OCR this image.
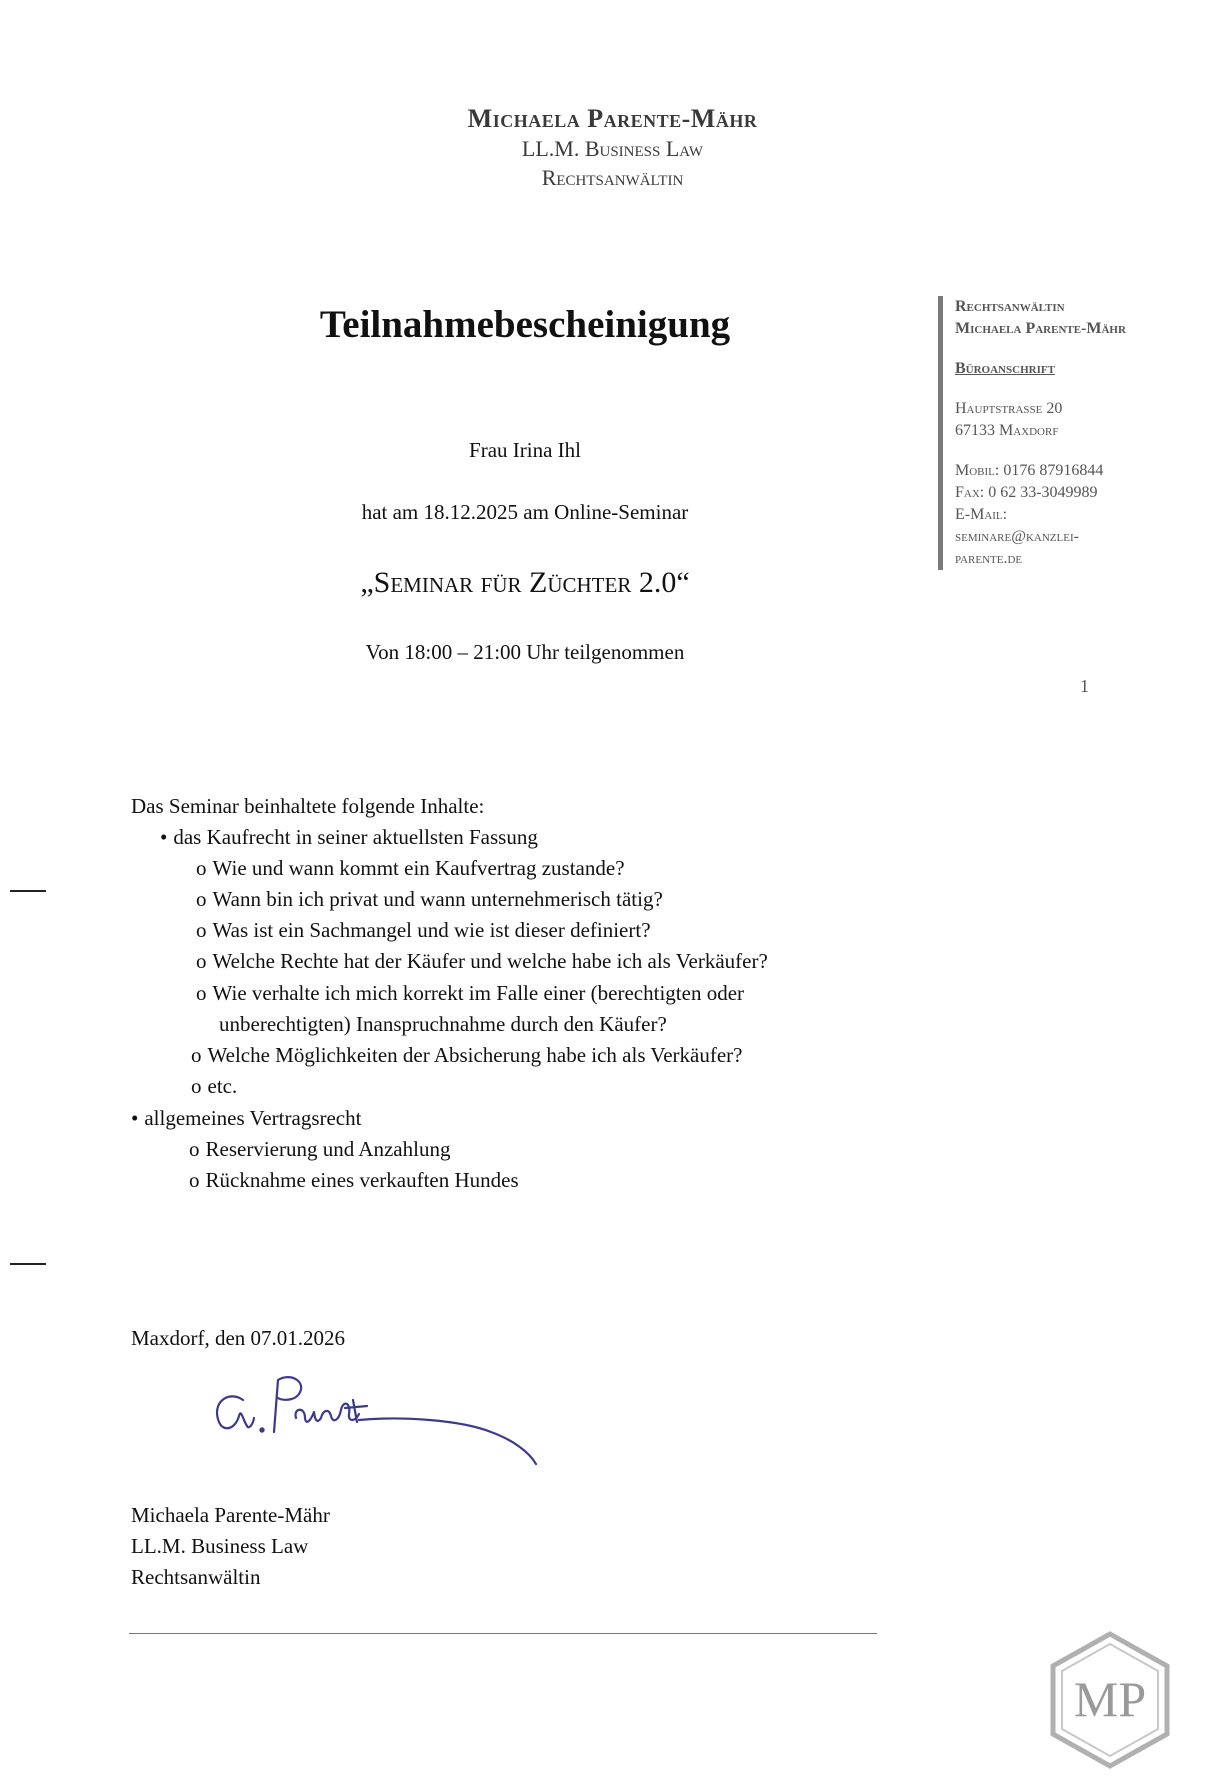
Michaela Parente-Mähr
LL.M. Business Law
Rechtsanwältin
Teilnahmebescheinigung
Frau Irina Ihl
hat am 18.12.2025 am Online-Seminar
„Seminar für Züchter 2.0“
Von 18:00 – 21:00 Uhr teilgenommen
Rechtsanwältin
Michaela Parente-Mähr
Büroanschrift
Hauptstraße 20
67133 Maxdorf
Mobil: 0176 87916844
Fax: 0 62 33-3049989
E-Mail:
seminare@kanzlei-
parente.de
1
Das Seminar beinhaltete folgende Inhalte:
• das Kaufrecht in seiner aktuellsten Fassung
o Wie und wann kommt ein Kaufvertrag zustande?
o Wann bin ich privat und wann unternehmerisch tätig?
o Was ist ein Sachmangel und wie ist dieser definiert?
o Welche Rechte hat der Käufer und welche habe ich als Verkäufer?
o Wie verhalte ich mich korrekt im Falle einer (berechtigten oder
unberechtigten) Inanspruchnahme durch den Käufer?
o Welche Möglichkeiten der Absicherung habe ich als Verkäufer?
o etc.
• allgemeines Vertragsrecht
o Reservierung und Anzahlung
o Rücknahme eines verkauften Hundes
Maxdorf, den 07.01.2026
Michaela Parente-Mähr
LL.M. Business Law
Rechtsanwältin
MP
